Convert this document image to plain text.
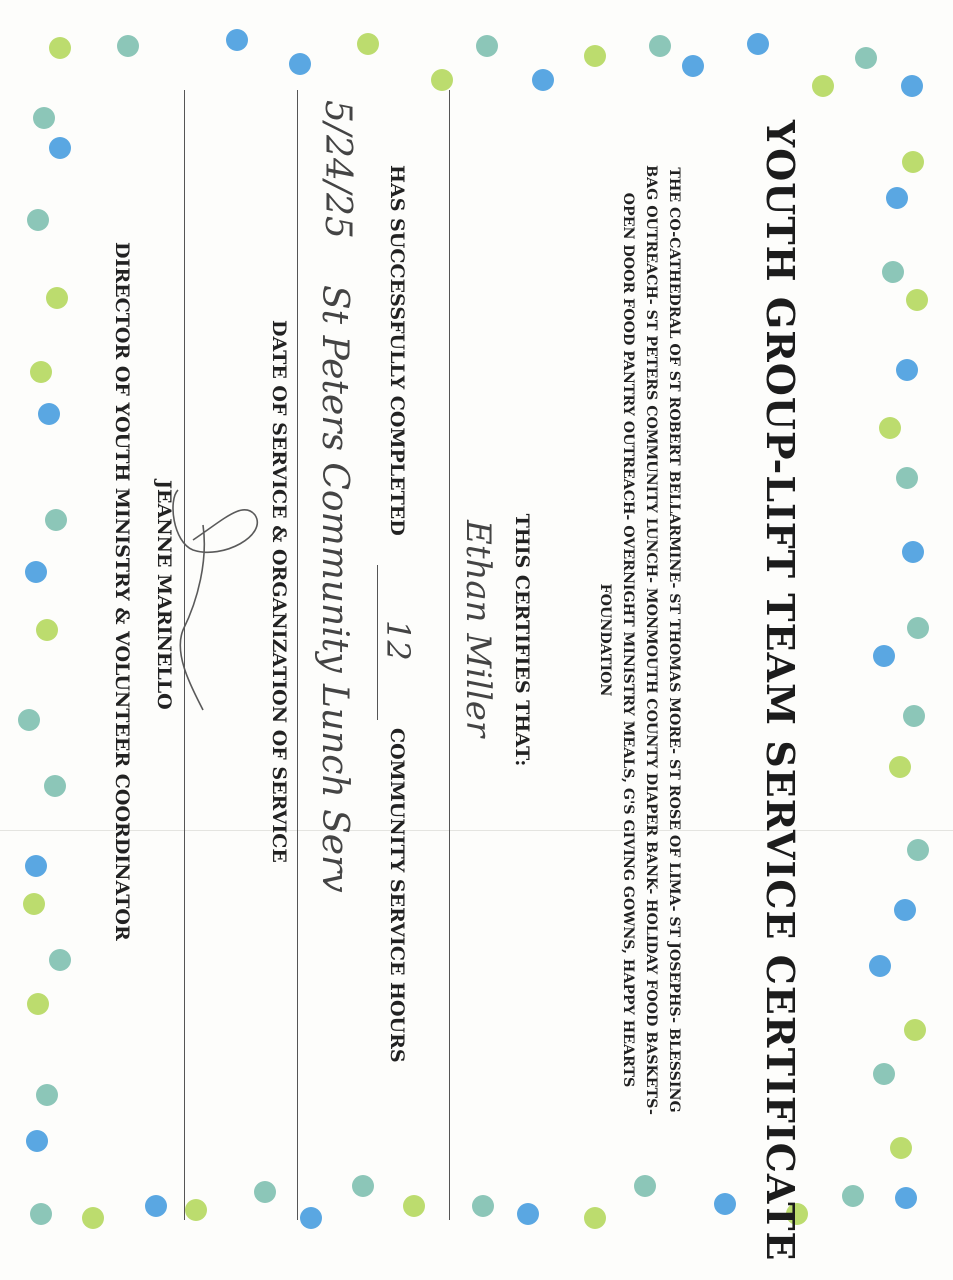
YOUTH GROUP-LIFT TEAM SERVICE CERTIFICATE
THE CO-CATHEDRAL OF ST ROBERT BELLARMINE- ST THOMAS MORE- ST ROSE OF LIMA- ST JOSEPHS- BLESSING
BAG OUTREACH- ST PETERS COMMUNITY LUNCH- MONMOUTH COUNTY DIAPER BANK- HOLIDAY FOOD BASKETS-
OPEN DOOR FOOD PANTRY OUTREACH- OVERNIGHT MINISTRY MEALS, G'S GIVING GOWNS, HAPPY HEARTS
FOUNDATION
THIS CERTIFIES THAT:
Ethan Miller
HAS SUCCESSFULLY COMPLETED
12
COMMUNITY SERVICE HOURS
5/24/25
St Peters Community Lunch Serv
DATE OF SERVICE & ORGANIZATION OF SERVICE
JEANNE MARINELLO
DIRECTOR OF YOUTH MINISTRY & VOLUNTEER COORDINATOR
